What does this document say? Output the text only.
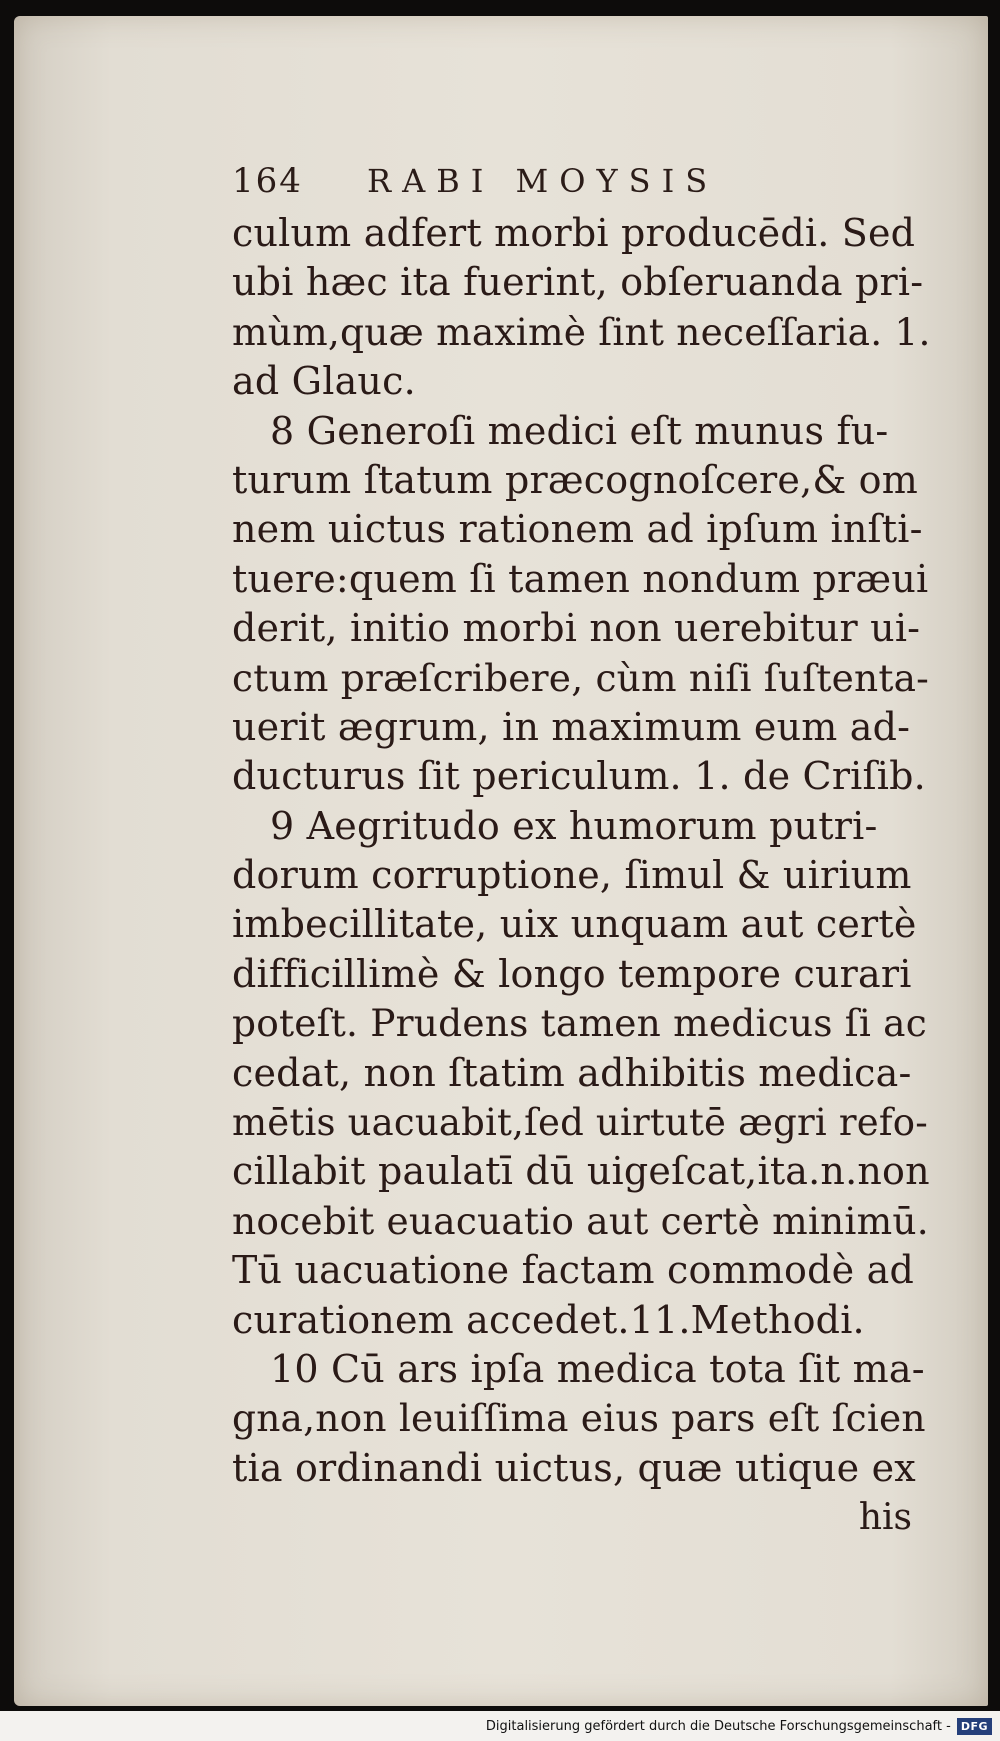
164	RABI MOYSIS
culum adfert morbi producēdi. Sed
ubi hæc ita fuerint, obſeruanda pri-
mùm,quæ maximè ſint neceſſaria. 1.
ad Glauc.
8 Generoſi medici eſt munus fu-
turum ſtatum præcognoſcere,& om
nem uictus rationem ad ipſum inſti-
tuere:quem ſi tamen nondum præui
derit, initio morbi non uerebitur ui-
ctum præſcribere, cùm niſi ſuſtenta-
uerit ægrum, in maximum eum ad-
ducturus ſit periculum. 1. de Criſib.
9 Aegritudo ex humorum putri-
dorum corruptione, ſimul & uirium
imbecillitate, uix unquam aut certè
difficillimè & longo tempore curari
poteſt. Prudens tamen medicus ſi ac
cedat, non ſtatim adhibitis medica-
mētis uacuabit,ſed uirtutē ægri refo-
cillabit paulatī dū uigeſcat,ita.n.non
nocebit euacuatio aut certè minimū.
Tū uacuatione factam commodè ad
curationem accedet.11.Methodi.
10 Cū ars ipſa medica tota ſit ma-
gna,non leuiſſima eius pars eſt ſcien
tia ordinandi uictus, quæ utique ex
his
Digitalisierung gefördert durch die Deutsche Forschungsgemeinschaft - DFG
